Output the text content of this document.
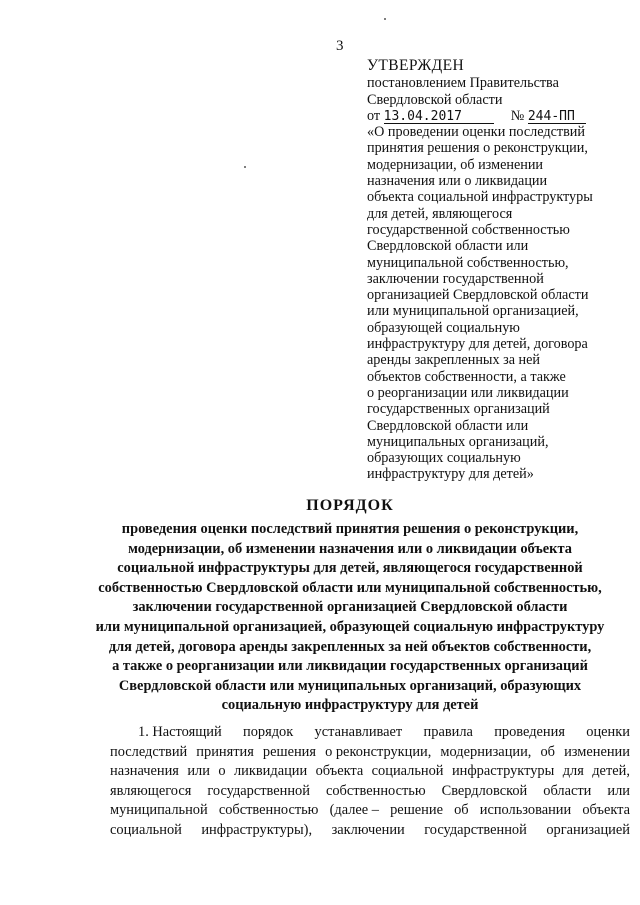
3
УТВЕРЖДЕН
постановлением Правительства
Свердловской области
от 13.04.2017	№ 244-ПП
«О проведении оценки последствий
принятия решения о реконструкции,
модернизации, об изменении
назначения или о ликвидации
объекта социальной инфраструктуры
для детей, являющегося
государственной собственностью
Свердловской области или
муниципальной собственностью,
заключении государственной
организацией Свердловской области
или муниципальной организацией,
образующей социальную
инфраструктуру для детей, договора
аренды закрепленных за ней
объектов собственности, а также
о реорганизации или ликвидации
государственных организаций
Свердловской области или
муниципальных организаций,
образующих социальную
инфраструктуру для детей»
ПОРЯДОК
проведения оценки последствий принятия решения о реконструкции,
модернизации, об изменении назначения или о ликвидации объекта
социальной инфраструктуры для детей, являющегося государственной
собственностью Свердловской области или муниципальной собственностью,
заключении государственной организацией Свердловской области
или муниципальной организацией, образующей социальную инфраструктуру
для детей, договора аренды закрепленных за ней объектов собственности,
а также о реорганизации или ликвидации государственных организаций
Свердловской области или муниципальных организаций, образующих
социальную инфраструктуру для детей
1. Настоящий порядок устанавливает правила проведения оценки
последствий принятия решения о реконструкции, модернизации, об изменении
назначения или о ликвидации объекта социальной инфраструктуры для детей,
являющегося государственной собственностью Свердловской области или
муниципальной собственностью (далее – решение об использовании объекта
социальной инфраструктуры), заключении государственной организацией
